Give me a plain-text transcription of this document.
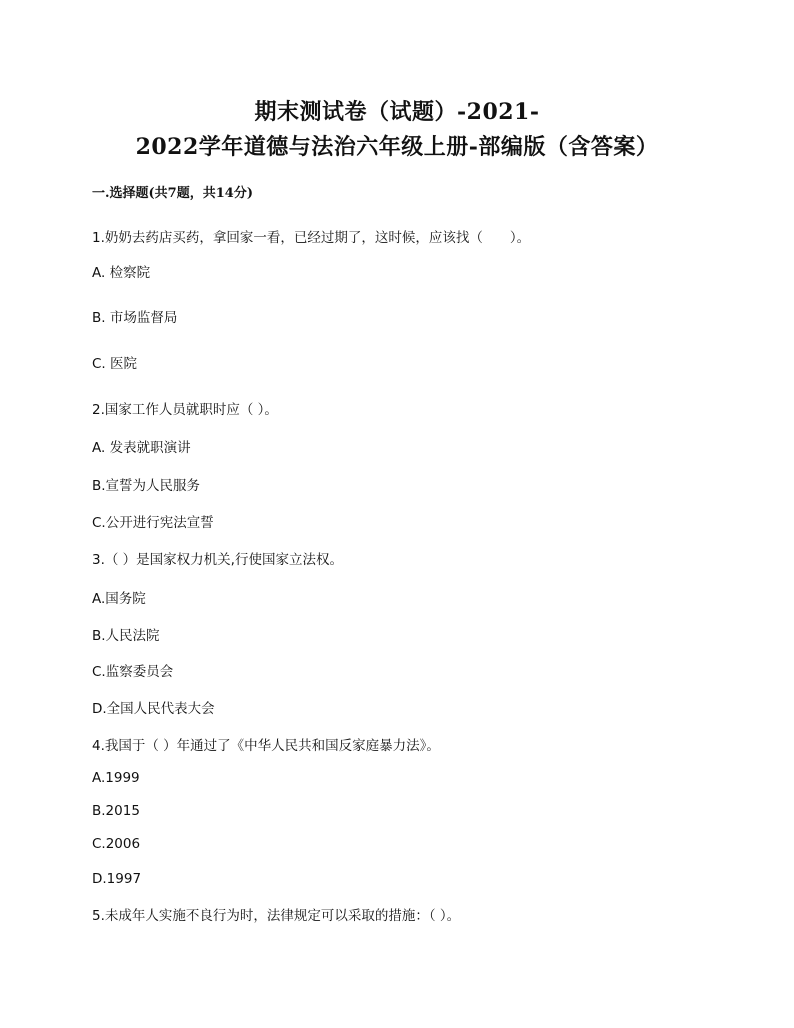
期末测试卷（试题）-2021-
2022学年道德与法治六年级上册-部编版（含答案）
一.选择题(共7题，共14分)
1.奶奶去药店买药，拿回家一看，已经过期了，这时候，应该找（　　）。
A. 检察院
B. 市场监督局
C. 医院
2.国家工作人员就职时应（ ）。
A. 发表就职演讲
B.宣誓为人民服务
C.公开进行宪法宣誓
3.（ ）是国家权力机关,行使国家立法权。
A.国务院
B.人民法院
C.监察委员会
D.全国人民代表大会
4.我国于（ ）年通过了《中华人民共和国反家庭暴力法》。
A.1999
B.2015
C.2006
D.1997
5.未成年人实施不良行为时，法律规定可以采取的措施：（ ）。
